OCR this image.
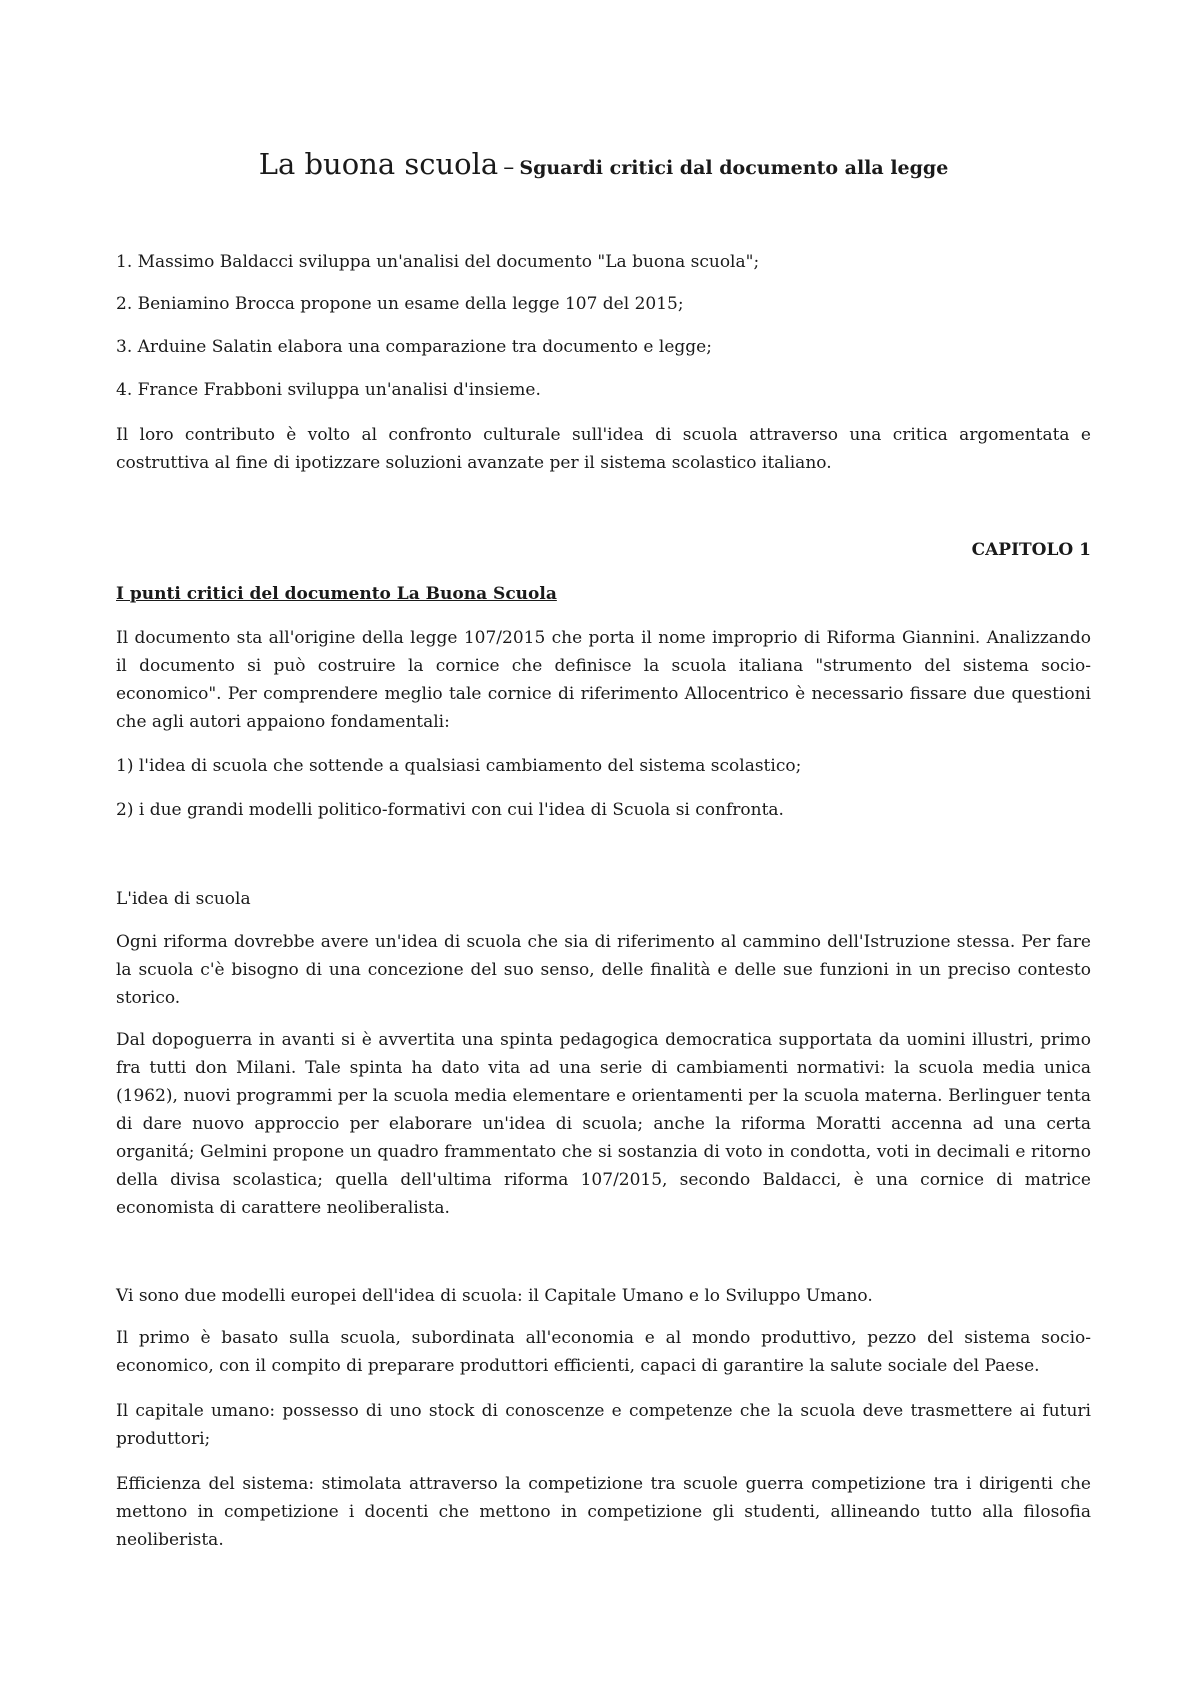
La buona scuola – Sguardi critici dal documento alla legge

1. Massimo Baldacci sviluppa un'analisi del documento "La buona scuola";

2. Beniamino Brocca propone un esame della legge 107 del 2015;

3. Arduine Salatin elabora una comparazione tra documento e legge;

4. France Frabboni sviluppa un'analisi d'insieme.

Il loro contributo è volto al confronto culturale sull'idea di scuola attraverso una critica argomentata e costruttiva al fine di ipotizzare soluzioni avanzate per il sistema scolastico italiano.

CAPITOLO 1

I punti critici del documento La Buona Scuola

Il documento sta all'origine della legge 107/2015 che porta il nome improprio di Riforma Giannini. Analizzando il documento si può costruire la cornice che definisce la scuola italiana "strumento del sistema socio-economico". Per comprendere meglio tale cornice di riferimento Allocentrico è necessario fissare due questioni che agli autori appaiono fondamentali:

1) l'idea di scuola che sottende a qualsiasi cambiamento del sistema scolastico;

2) i due grandi modelli politico-formativi con cui l'idea di Scuola si confronta.

L'idea di scuola

Ogni riforma dovrebbe avere un'idea di scuola che sia di riferimento al cammino dell'Istruzione stessa. Per fare la scuola c'è bisogno di una concezione del suo senso, delle finalità e delle sue funzioni in un preciso contesto storico.

Dal dopoguerra in avanti si è avvertita una spinta pedagogica democratica supportata da uomini illustri, primo fra tutti don Milani. Tale spinta ha dato vita ad una serie di cambiamenti normativi: la scuola media unica (1962), nuovi programmi per la scuola media elementare e orientamenti per la scuola materna. Berlinguer tenta di dare nuovo approccio per elaborare un'idea di scuola; anche la riforma Moratti accenna ad una certa organitá; Gelmini propone un quadro frammentato che si sostanzia di voto in condotta, voti in decimali e ritorno della divisa scolastica; quella dell'ultima riforma 107/2015, secondo Baldacci, è una cornice di matrice economista di carattere neoliberalista.

Vi sono due modelli europei dell'idea di scuola: il Capitale Umano e lo Sviluppo Umano.

Il primo è basato sulla scuola, subordinata all'economia e al mondo produttivo, pezzo del sistema socio-economico, con il compito di preparare produttori efficienti, capaci di garantire la salute sociale del Paese.

Il capitale umano: possesso di uno stock di conoscenze e competenze che la scuola deve trasmettere ai futuri produttori;

Efficienza del sistema: stimolata attraverso la competizione tra scuole guerra competizione tra i dirigenti che mettono in competizione i docenti che mettono in competizione gli studenti, allineando tutto alla filosofia neoliberista.
